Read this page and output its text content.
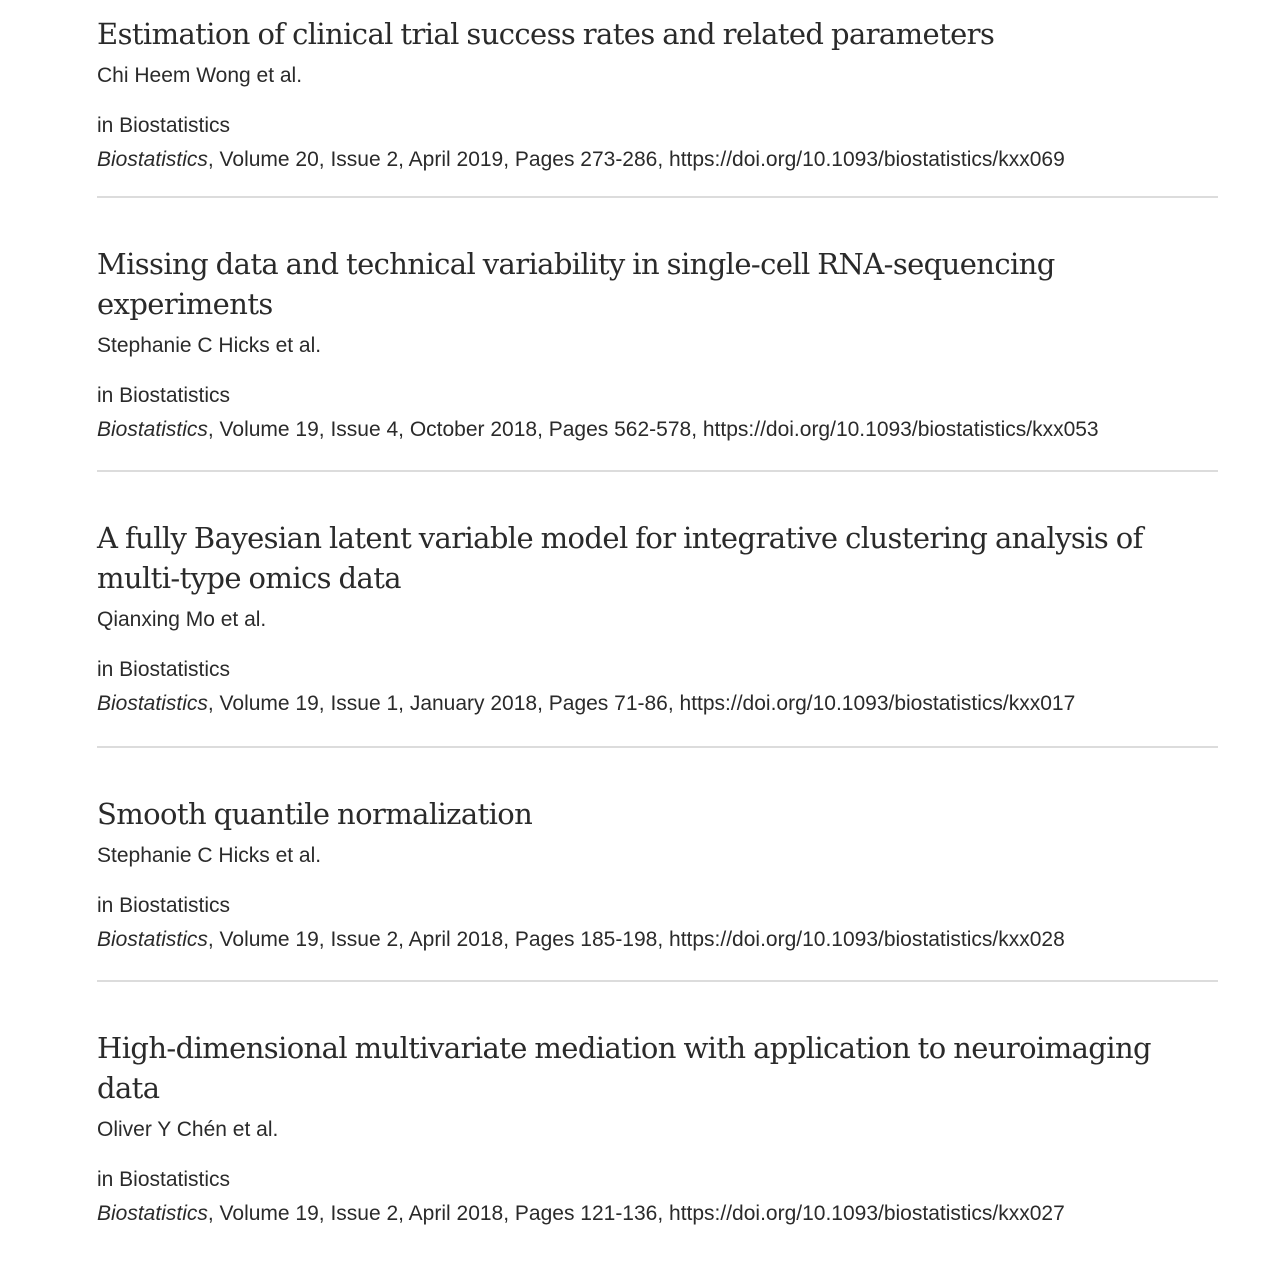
Estimation of clinical trial success rates and related parameters
Chi Heem Wong et al.
in Biostatistics
Biostatistics, Volume 20, Issue 2, April 2019, Pages 273-286, https://doi.org/10.1093/biostatistics/kxx069
Missing data and technical variability in single-cell RNA-sequencing experiments
Stephanie C Hicks et al.
in Biostatistics
Biostatistics, Volume 19, Issue 4, October 2018, Pages 562-578, https://doi.org/10.1093/biostatistics/kxx053
A fully Bayesian latent variable model for integrative clustering analysis of multi-type omics data
Qianxing Mo et al.
in Biostatistics
Biostatistics, Volume 19, Issue 1, January 2018, Pages 71-86, https://doi.org/10.1093/biostatistics/kxx017
Smooth quantile normalization
Stephanie C Hicks et al.
in Biostatistics
Biostatistics, Volume 19, Issue 2, April 2018, Pages 185-198, https://doi.org/10.1093/biostatistics/kxx028
High-dimensional multivariate mediation with application to neuroimaging data
Oliver Y Chén et al.
in Biostatistics
Biostatistics, Volume 19, Issue 2, April 2018, Pages 121-136, https://doi.org/10.1093/biostatistics/kxx027
